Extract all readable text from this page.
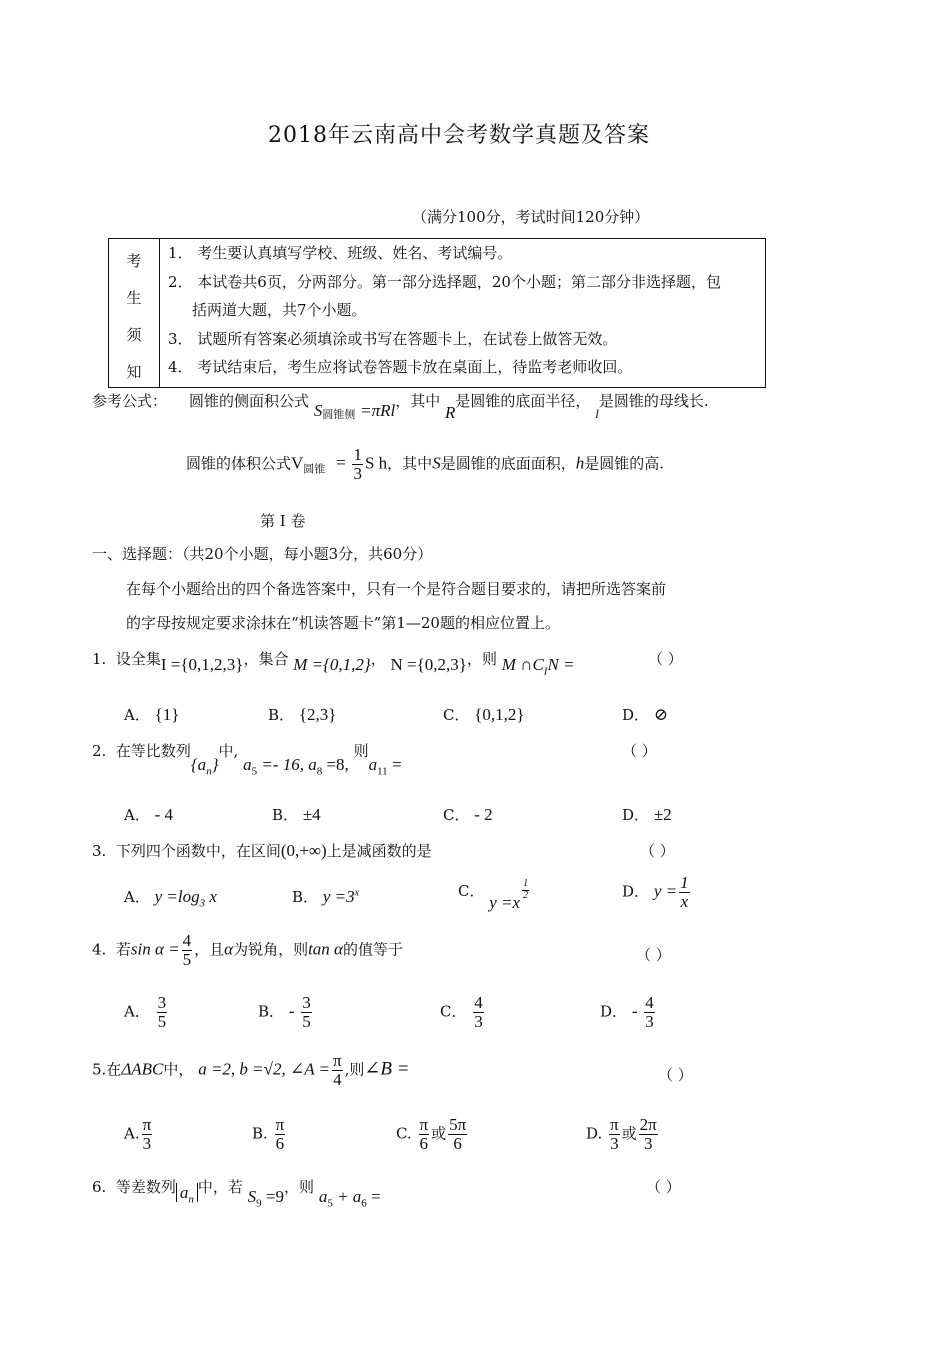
2018年云南高中会考数学真题及答案
（满分100分，考试时间120分钟）
考
生
须
知

1． 考生要认真填写学校、班级、姓名、考试编号。
2． 本试卷共6页，分两部分。第一部分选择题，20个小题；第二部分非选择题，包
括两道大题，共7个小题。
3． 试题所有答案必须填涂或书写在答题卡上，在试卷上做答无效。
4． 考试结束后，考生应将试卷答题卡放在桌面上，待监考老师收回。
参考公式： 圆锥的侧面积公式 $S_{圆锥侧} =\pi Rl$，其中 R是圆锥的底面半径， l是圆锥的母线长.
圆锥的体积公式$V_{圆锥} = \frac{1}{3}$ S h，其中S是圆锥的底面面积，h是圆锥的高.
第 I 卷
一、选择题：（共20个小题，每小题3分，共60分）
在每个小题给出的四个备选答案中，只有一个是符合题目要求的，请把所选答案前
的字母按规定要求涂抹在“机读答题卡”第1—20题的相应位置上。
1. 设全集I ={0,1,2,3}，集合 M ={0,1,2}， N ={0,2,3}，则 M $\cap C_IN$ =	（ ）
A． {1}	B． {2,3}	C． {0,1,2}	D． ⊘
2. 在等比数列$\{a_n\}$中, $a_5 =- 16$, $a_8 =8$, 则$a_{11}$ =
（ ）
A． - 4	B． ±4	C． - 2	D． ±2
3. 下列四个函数中，在区间(0,+∞)上是减函数的是	（ ）
A． $y =\log_3$ x	B． $y =3^x$	C． y =x
$\frac{1}{2}$	D． $y = \frac{1}{x}$
4. 若$\sin \alpha = \frac{4}{5}$ ，且α为锐角，则tan α的值等于	（ ）
A． $\frac{3}{5}$	B． - $\frac{3}{5}$	C． $\frac{4}{3}$	D． - $\frac{4}{3}$
5.在ΔABC中， a =2, b =√2, ∠A = $\frac{\pi}{4}$ ,则∠B =	（ ）
A. $\frac{\pi}{3}$	B. $\frac{\pi}{6}$	C. $\frac{\pi}{6}$ 或 $\frac{5\pi}{6}$	D. $\frac{\pi}{3}$ 或 $\frac{2\pi}{3}$
6. 等差数列 $a_n$中，若 $S_9 =9$，则 $a_5 + a_6$ =	（ ）
